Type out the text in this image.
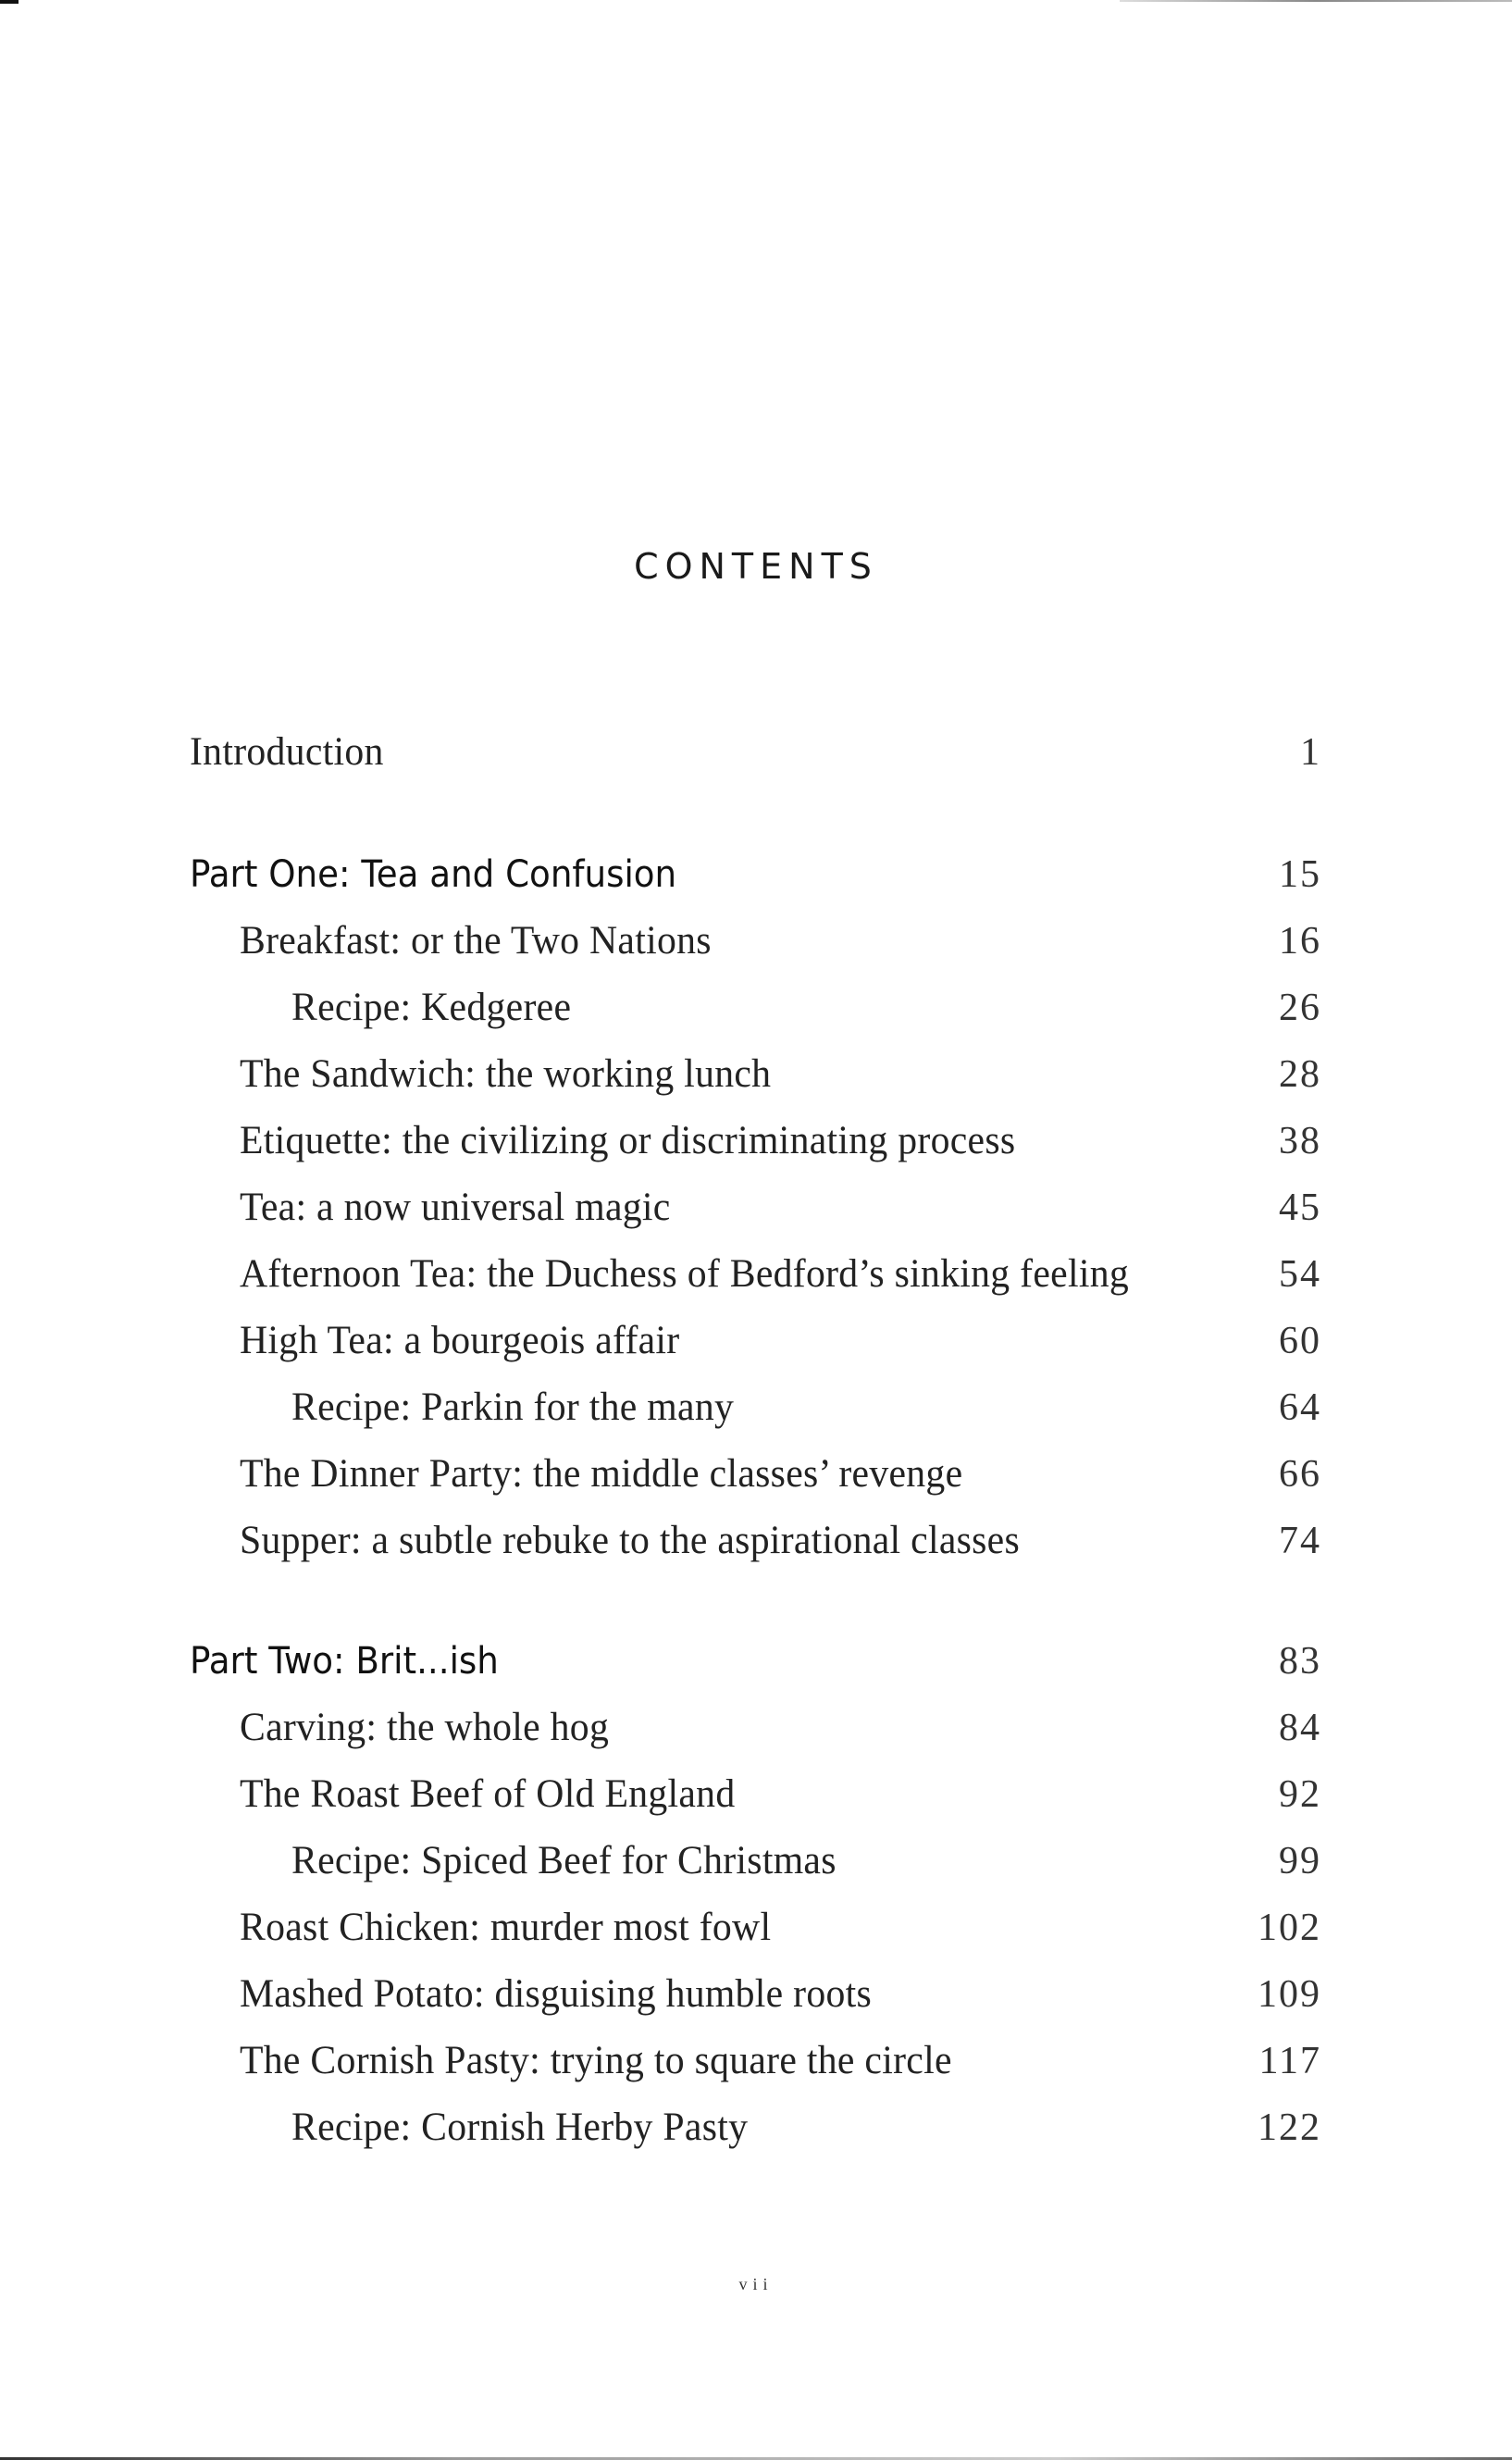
CONTENTS
Introduction	1
Part One: Tea and Confusion	15
Breakfast: or the Two Nations	16
Recipe: Kedgeree	26
The Sandwich: the working lunch	28
Etiquette: the civilizing or discriminating process	38
Tea: a now universal magic	45
Afternoon Tea: the Duchess of Bedford’s sinking feeling	54
High Tea: a bourgeois affair	60
Recipe: Parkin for the many	64
The Dinner Party: the middle classes’ revenge	66
Supper: a subtle rebuke to the aspirational classes	74
Part Two: Brit...ish	83
Carving: the whole hog	84
The Roast Beef of Old England	92
Recipe: Spiced Beef for Christmas	99
Roast Chicken: murder most fowl	102
Mashed Potato: disguising humble roots	109
The Cornish Pasty: trying to square the circle	117
Recipe: Cornish Herby Pasty	122
vii
